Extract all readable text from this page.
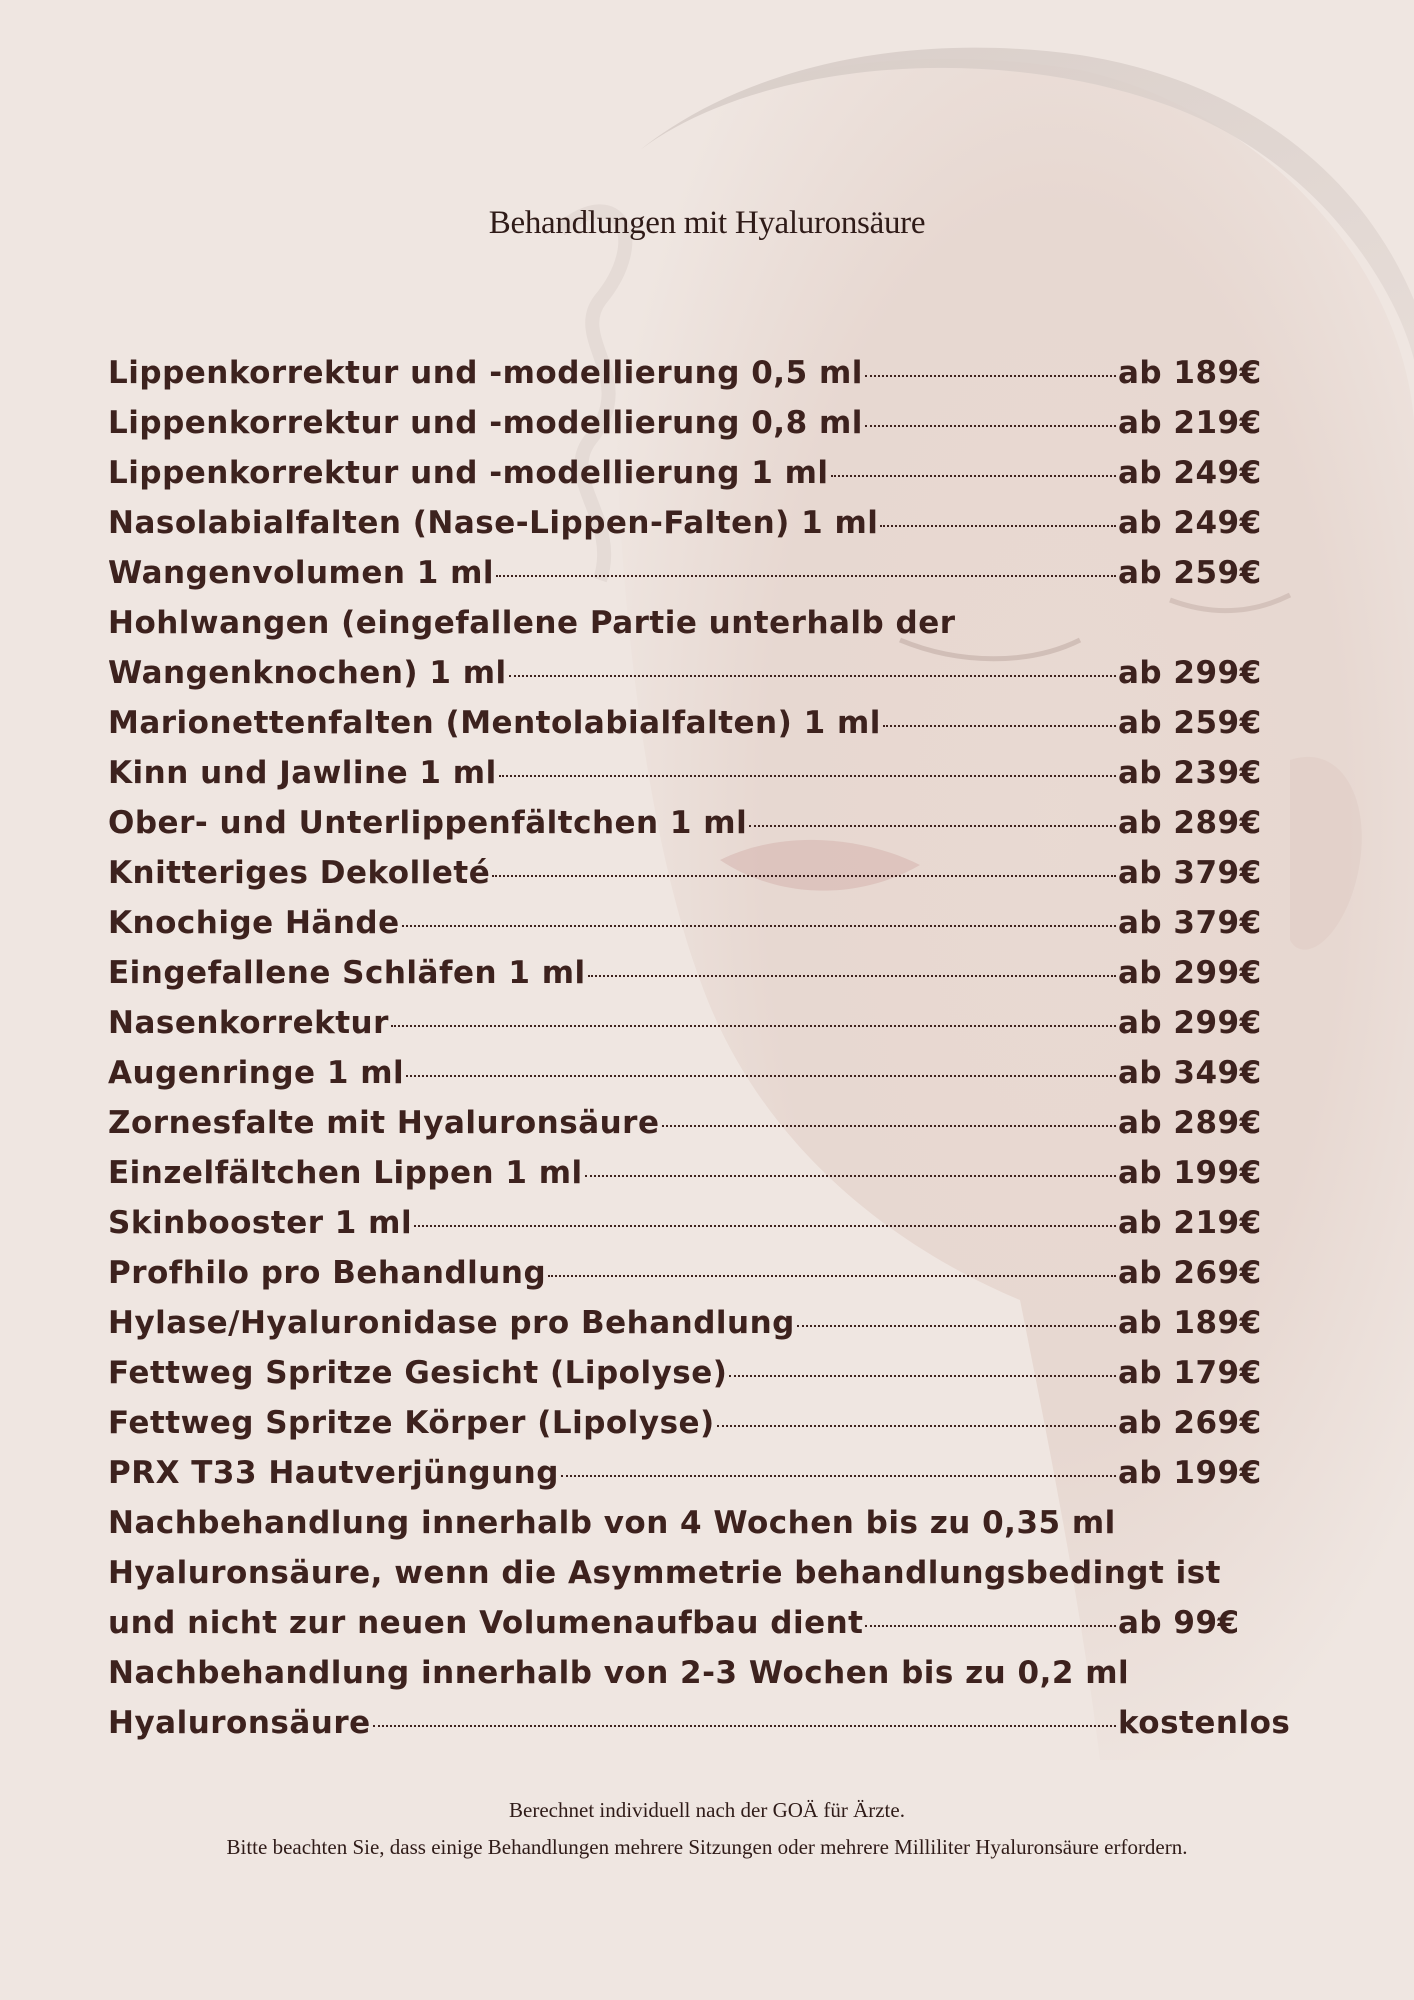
Behandlungen mit Hyaluronsäure
Lippenkorrektur und -modellierung 0,5 ml	ab 189€
Lippenkorrektur und -modellierung 0,8 ml	ab 219€
Lippenkorrektur und -modellierung 1 ml	ab 249€
Nasolabialfalten (Nase-Lippen-Falten) 1 ml	ab 249€
Wangenvolumen 1 ml	ab 259€
Hohlwangen (eingefallene Partie unterhalb der
Wangenknochen) 1 ml	ab 299€
Marionettenfalten (Mentolabialfalten) 1 ml	ab 259€
Kinn und Jawline 1 ml	ab 239€
Ober- und Unterlippenfältchen 1 ml	ab 289€
Knitteriges Dekolleté	ab 379€
Knochige Hände	ab 379€
Eingefallene Schläfen 1 ml	ab 299€
Nasenkorrektur	ab 299€
Augenringe 1 ml	ab 349€
Zornesfalte mit Hyaluronsäure	ab 289€
Einzelfältchen Lippen 1 ml	ab 199€
Skinbooster 1 ml	ab 219€
Profhilo pro Behandlung	ab 269€
Hylase/Hyaluronidase pro Behandlung	ab 189€
Fettweg Spritze Gesicht (Lipolyse)	ab 179€
Fettweg Spritze Körper (Lipolyse)	ab 269€
PRX T33 Hautverjüngung	ab 199€
Nachbehandlung innerhalb von 4 Wochen bis zu 0,35 ml
Hyaluronsäure, wenn die Asymmetrie behandlungsbedingt ist
und nicht zur neuen Volumenaufbau dient	ab 99€
Nachbehandlung innerhalb von 2-3 Wochen bis zu 0,2 ml
Hyaluronsäure	kostenlos
Berechnet individuell nach der GOÄ für Ärzte.
Bitte beachten Sie, dass einige Behandlungen mehrere Sitzungen oder mehrere Milliliter Hyaluronsäure erfordern.
